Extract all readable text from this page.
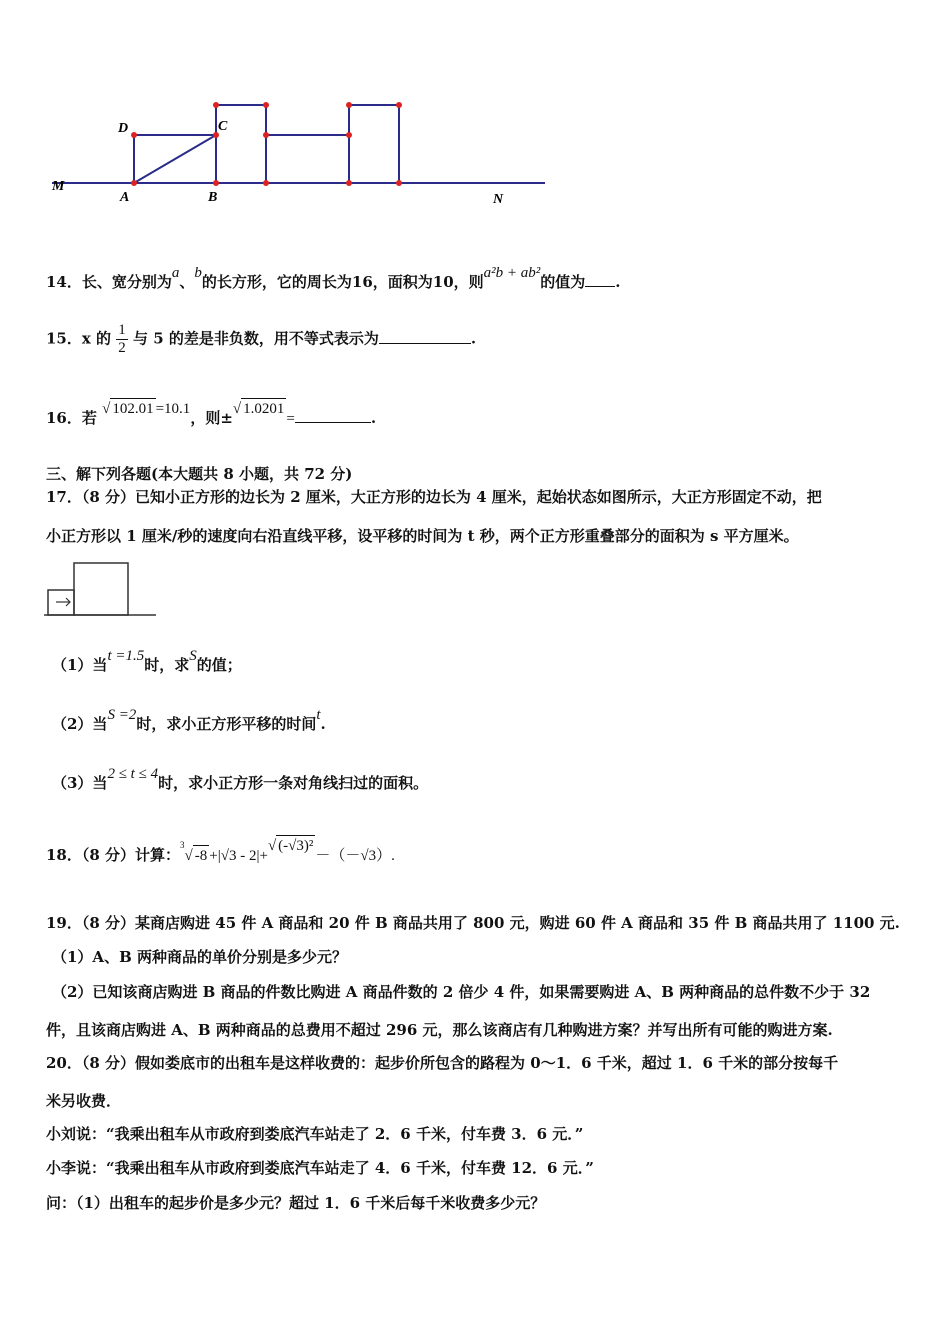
D	C
M
A	B	N
14．长、宽分别为a、b的长方形，它的周长为16，面积为10，则a²b + ab²的值为 .
15．x 的 $\frac{1}{2}$ 与 5 的差是非负数，用不等式表示为	.
16．若 √ 102.01 =10.1，则±√ 1.0201=	.
三、解下列各题(本大题共 8 小题，共 72 分)
17．（8 分）已知小正方形的边长为 2 厘米，大正方形的边长为 4 厘米，起始状态如图所示，大正方形固定不动，把
小正方形以 1 厘米/秒的速度向右沿直线平移，设平移的时间为 t 秒，两个正方形重叠部分的面积为 s 平方厘米。
（1）当t =1.5时，求S的值；
（2）当S =2时，求小正方形平移的时间t.
（3）当2 ≤ t ≤ 4时，求小正方形一条对角线扫过的面积。
18．（8 分）计算：$^3$√ -8 +|√3 - 2|+√ (-√3)²－（－√3）.
19．（8 分）某商店购进 45 件 A 商品和 20 件 B 商品共用了 800 元，购进 60 件 A 商品和 35 件 B 商品共用了 1100 元.
（1）A、B 两种商品的单价分别是多少元？
（2）已知该商店购进 B 商品的件数比购进 A 商品件数的 2 倍少 4 件，如果需要购进 A、B 两种商品的总件数不少于 32
件，且该商店购进 A、B 两种商品的总费用不超过 296 元，那么该商店有几种购进方案？并写出所有可能的购进方案.
20．（8 分）假如娄底市的出租车是这样收费的：起步价所包含的路程为 0～1．6 千米，超过 1．6 千米的部分按每千
米另收费．
小刘说：“我乘出租车从市政府到娄底汽车站走了 2．6 千米，付车费 3．6 元．”
小李说：“我乘出租车从市政府到娄底汽车站走了 4．6 千米，付车费 12．6 元．”
问：（1）出租车的起步价是多少元？超过 1．6 千米后每千米收费多少元？
